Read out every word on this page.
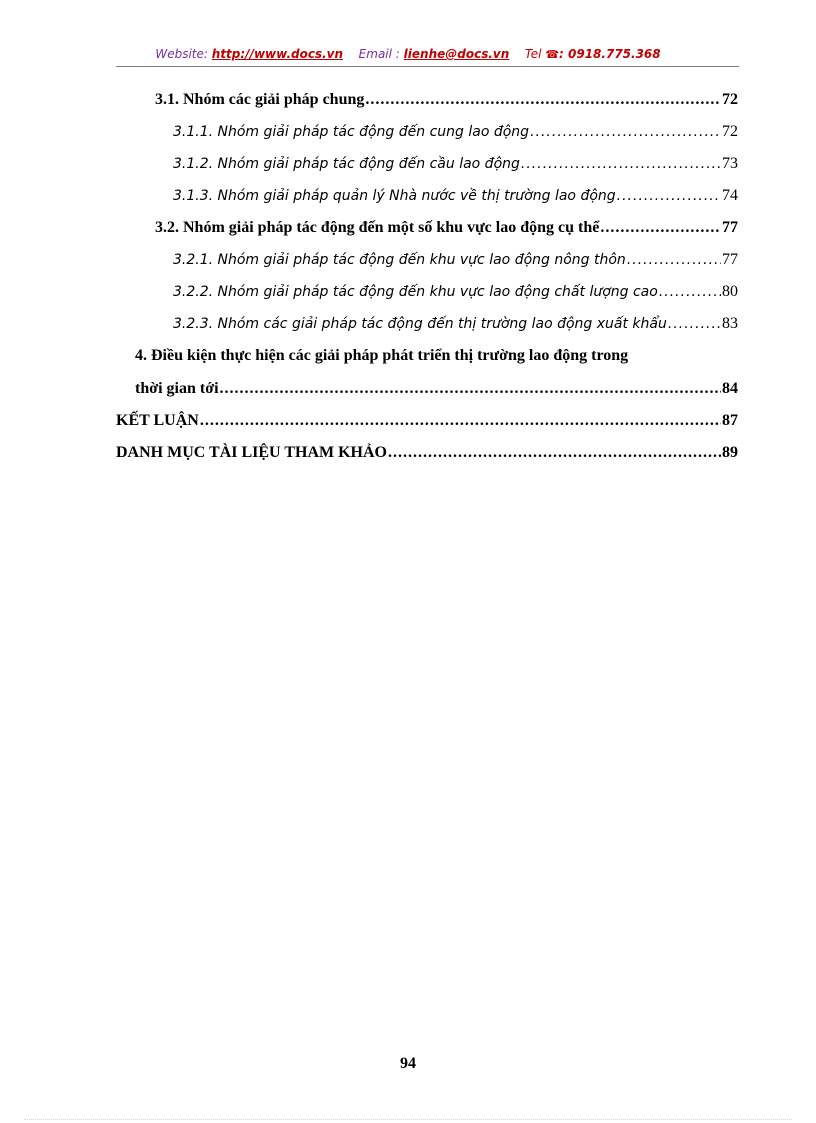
Website: http://www.docs.vn Email : lienhe@docs.vn Tel ☎: 0918.775.368
3.1. Nhóm các giải pháp chung .....	72
3.1.1. Nhóm giải pháp tác động đến cung lao động .....	72
3.1.2. Nhóm giải pháp tác động đến cầu lao động .....	73
3.1.3. Nhóm giải pháp quản lý Nhà nước về thị trường lao động .....	74
3.2. Nhóm giải pháp tác động đến một số khu vực lao động cụ thể .....	77
3.2.1. Nhóm giải pháp tác động đến khu vực lao động nông thôn .....	77
3.2.2. Nhóm giải pháp tác động đến khu vực lao động chất lượng cao .....	80
3.2.3. Nhóm các giải pháp tác động đến thị trường lao động xuất khẩu .....	83
4. Điều kiện thực hiện các giải pháp phát triển thị trường lao động trong
thời gian tới .....	84
KẾT LUẬN .....	87
DANH MỤC TÀI LIỆU THAM KHẢO .....	89
94
